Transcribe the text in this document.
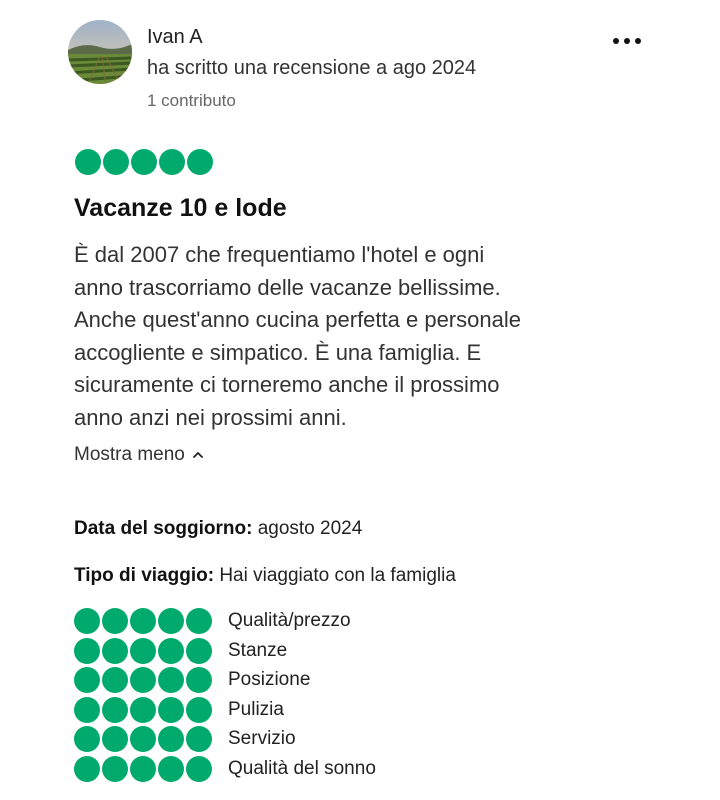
Ivan A
ha scritto una recensione a ago 2024
1 contributo
Vacanze 10 e lode

È dal 2007 che frequentiamo l'hotel e ogni

anno trascorriamo delle vacanze bellissime.

Anche quest'anno cucina perfetta e personale

accogliente e simpatico. È una famiglia. E

sicuramente ci torneremo anche il prossimo

anno anzi nei prossimi anni.

Mostra meno
Data del soggiorno: agosto 2024
Tipo di viaggio: Hai viaggiato con la famiglia
Qualità/prezzo
Stanze
Posizione
Pulizia
Servizio
Qualità del sonno
